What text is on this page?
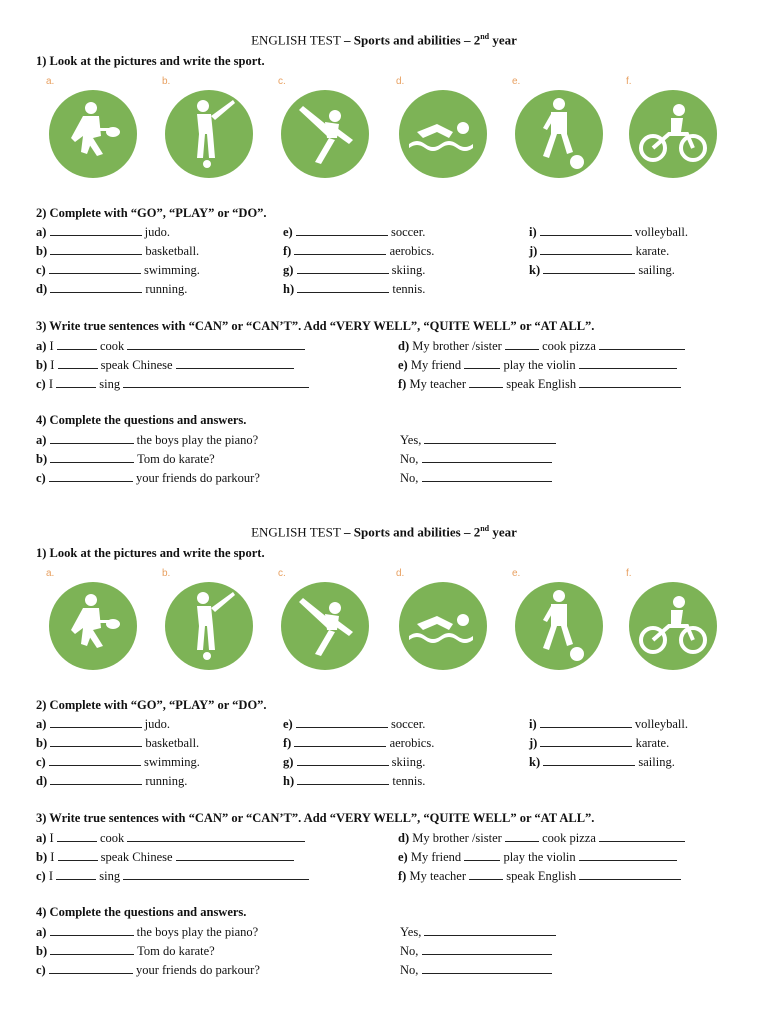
ENGLISH TEST – Sports and abilities – 2nd year
1) Look at the pictures and write the sport.
a.	b.	c.	d.	e.	f.
2) Complete with “GO”, “PLAY” or “DO”.
a)	judo.
b)	basketball.
c)	swimming.
d)	running.
e)	soccer.
f)	aerobics.
g)	skiing.
h)	tennis.
i)	volleyball.
j)	karate.
k)	sailing.
3) Write true sentences with “CAN” or “CAN’T”. Add “VERY WELL”, “QUITE WELL” or “AT ALL”.
a) I	cook
b) I	speak Chinese
c) I	sing
d) My brother /sister	cook pizza
e) My friend	play the violin
f) My teacher	speak English
4) Complete the questions and answers.
a)	the boys play the piano?	Yes,
b)	Tom do karate?	No,
c)	your friends do parkour?	No,
ENGLISH TEST – Sports and abilities – 2nd year
1) Look at the pictures and write the sport.
a.	b.	c.	d.	e.	f.
2) Complete with “GO”, “PLAY” or “DO”.
a)	judo.
b)	basketball.
c)	swimming.
d)	running.
e)	soccer.
f)	aerobics.
g)	skiing.
h)	tennis.
i)	volleyball.
j)	karate.
k)	sailing.
3) Write true sentences with “CAN” or “CAN’T”. Add “VERY WELL”, “QUITE WELL” or “AT ALL”.
a) I	cook
b) I	speak Chinese
c) I	sing
d) My brother /sister	cook pizza
e) My friend	play the violin
f) My teacher	speak English
4) Complete the questions and answers.
a)	the boys play the piano?	Yes,
b)	Tom do karate?	No,
c)	your friends do parkour?	No,
